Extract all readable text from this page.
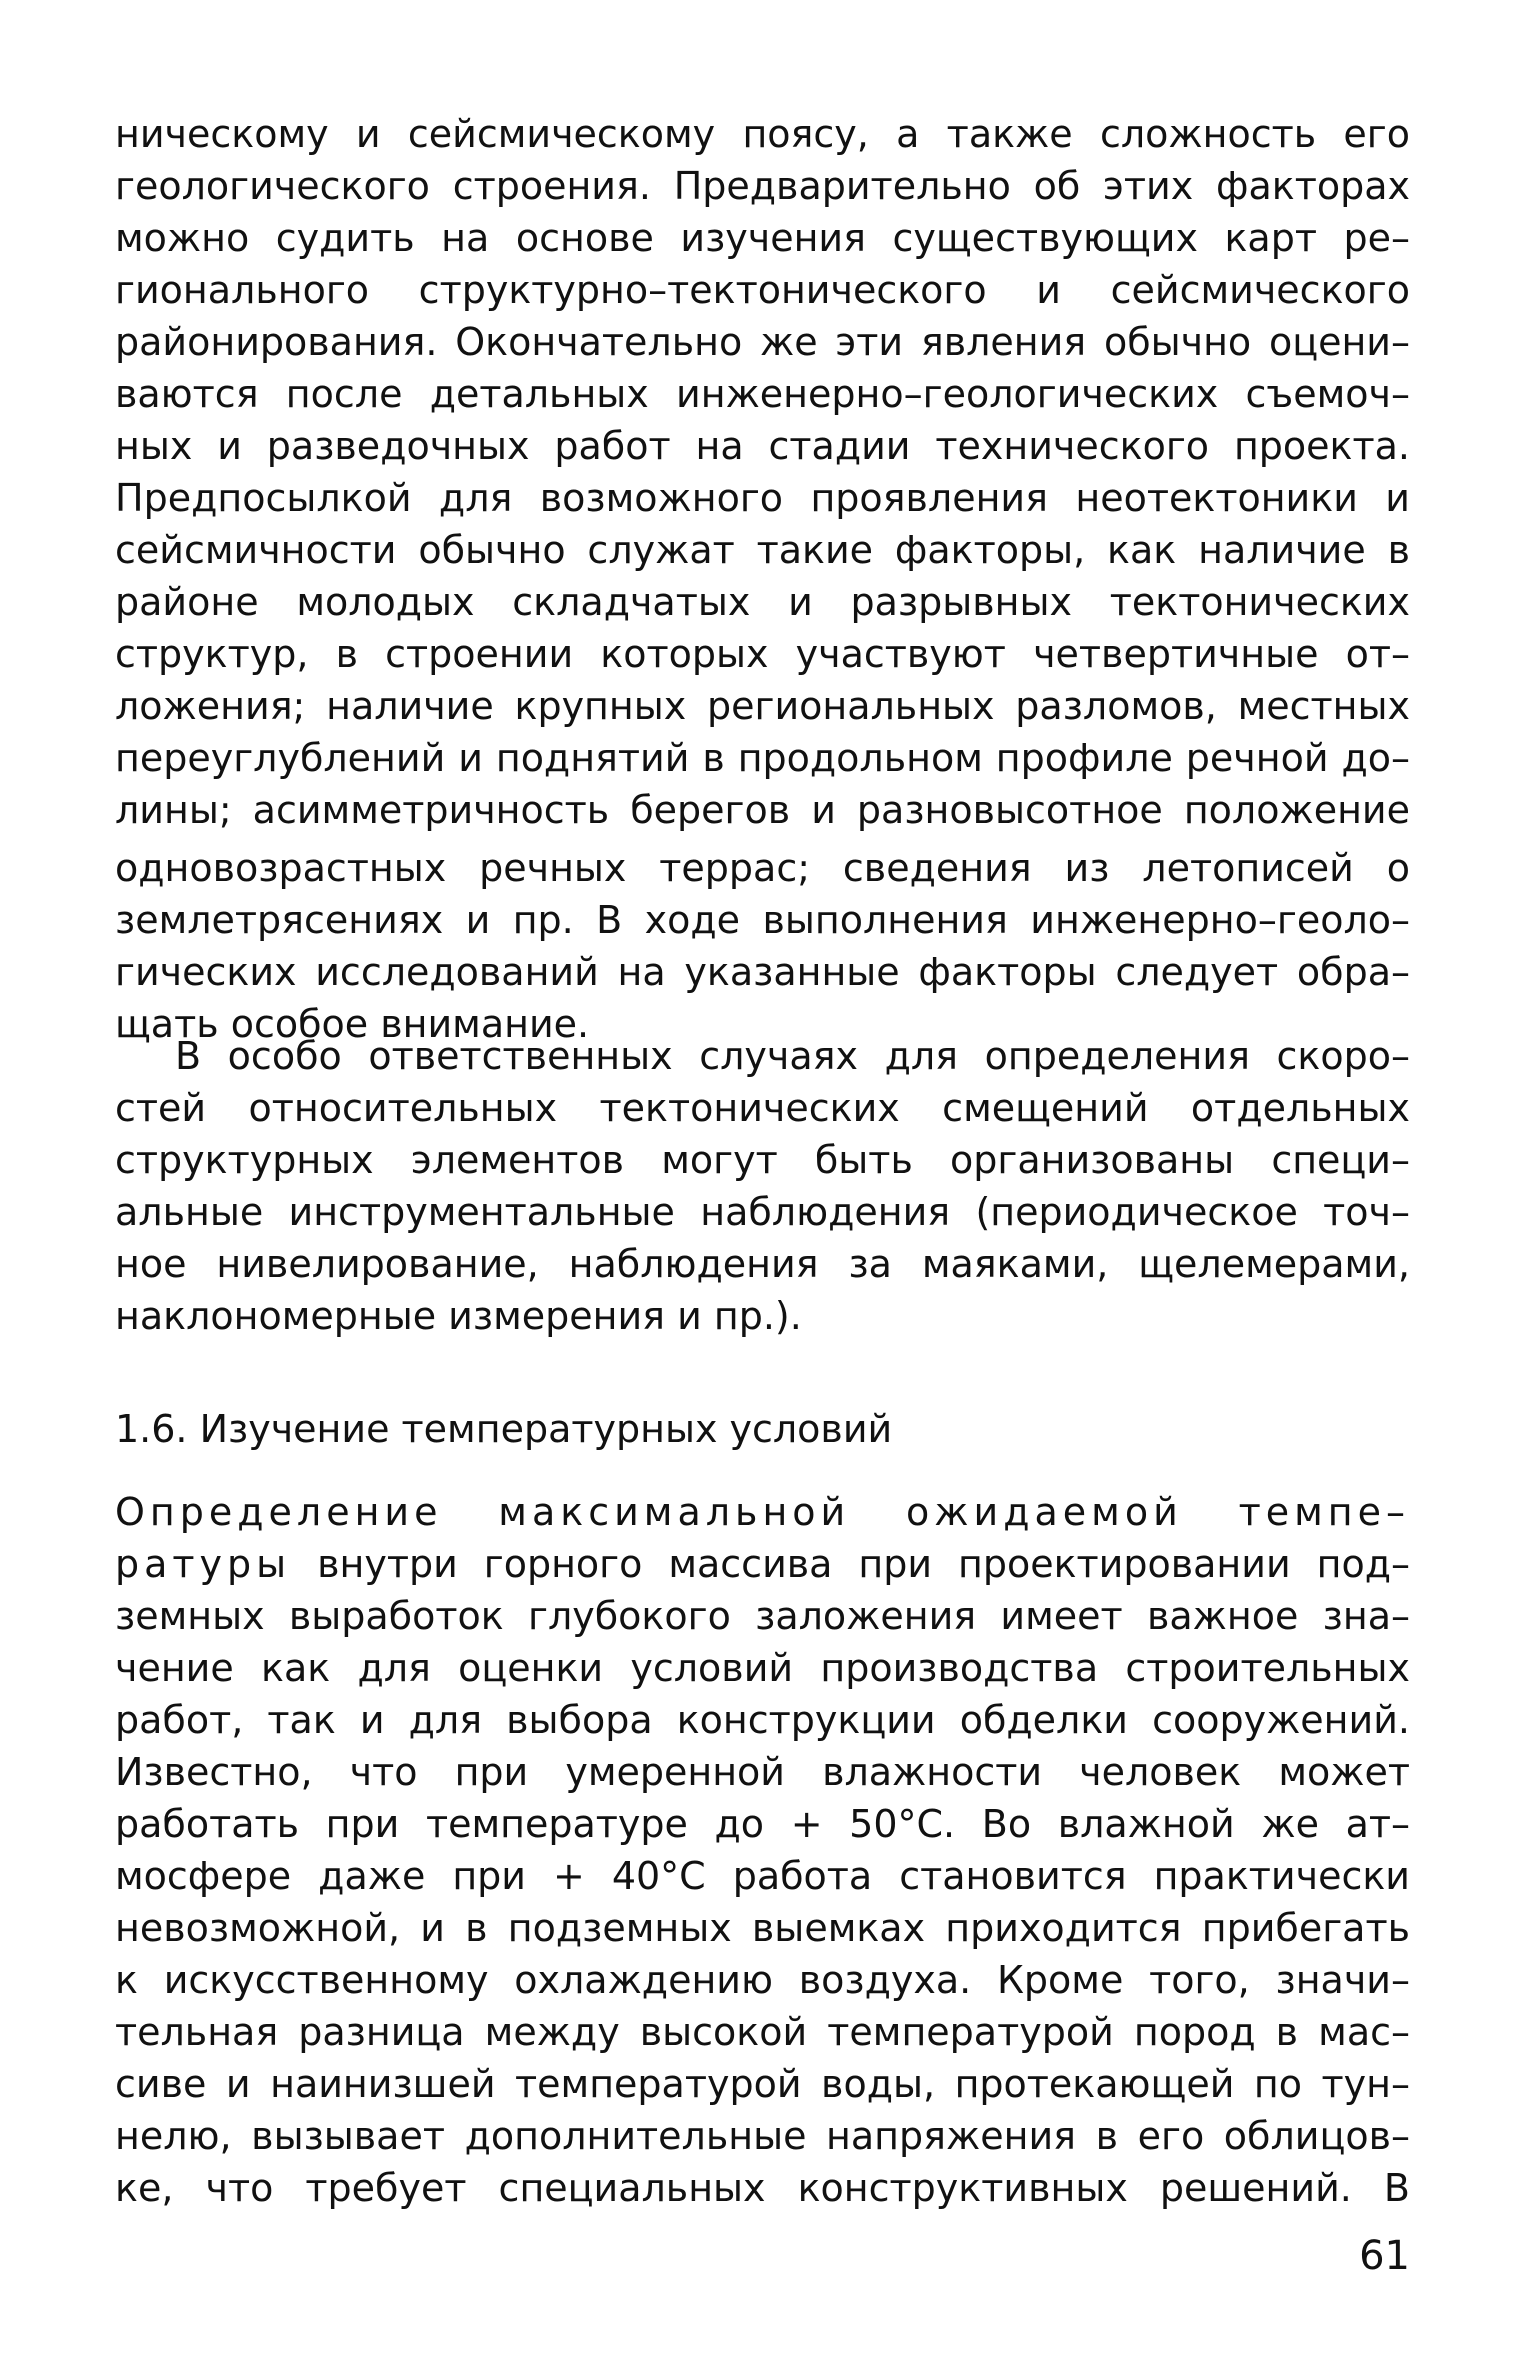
ническому и сейсмическому поясу, а также сложность его
геологического строения. Предварительно об этих факторах
можно судить на основе изучения существующих карт ре–
гионального структурно–тектонического и сейсмического
районирования. Окончательно же эти явления обычно оцени–
ваются после детальных инженерно–геологических съемоч–
ных и разведочных работ на стадии технического проекта.
Предпосылкой для возможного проявления неотектоники и
сейсмичности обычно служат такие факторы, как наличие в
районе молодых складчатых и разрывных тектонических
структур, в строении которых участвуют четвертичные от–
ложения; наличие крупных региональных разломов, местных
переуглублений и поднятий в продольном профиле речной до–
лины; асимметричность берегов и разновысотное положение
одновозрастных речных террас; сведения из летописей о
землетрясениях и пр. В ходе выполнения инженерно–геоло–
гических исследований на указанные факторы следует обра–
щать особое внимание.
В особо ответственных случаях для определения скоро–
стей относительных тектонических смещений отдельных
структурных элементов могут быть организованы специ–
альные инструментальные наблюдения (периодическое точ–
ное нивелирование, наблюдения за маяками, щелемерами,
наклономерные измерения и пр.).
1.6. Изучение температурных условий
Определение максимальной ожидаемой темпе–
ратуры внутри горного массива при проектировании под–
земных выработок глубокого заложения имеет важное зна–
чение как для оценки условий производства строительных
работ, так и для выбора конструкции обделки сооружений.
Известно, что при умеренной влажности человек может
работать при температуре до + 50°С. Во влажной же ат–
мосфере даже при + 40°С работа становится практически
невозможной, и в подземных выемках приходится прибегать
к искусственному охлаждению воздуха. Кроме того, значи–
тельная разница между высокой температурой пород в мас–
сиве и наинизшей температурой воды, протекающей по тун–
нелю, вызывает дополнительные напряжения в его облицов–
ке, что требует специальных конструктивных решений. В
61
